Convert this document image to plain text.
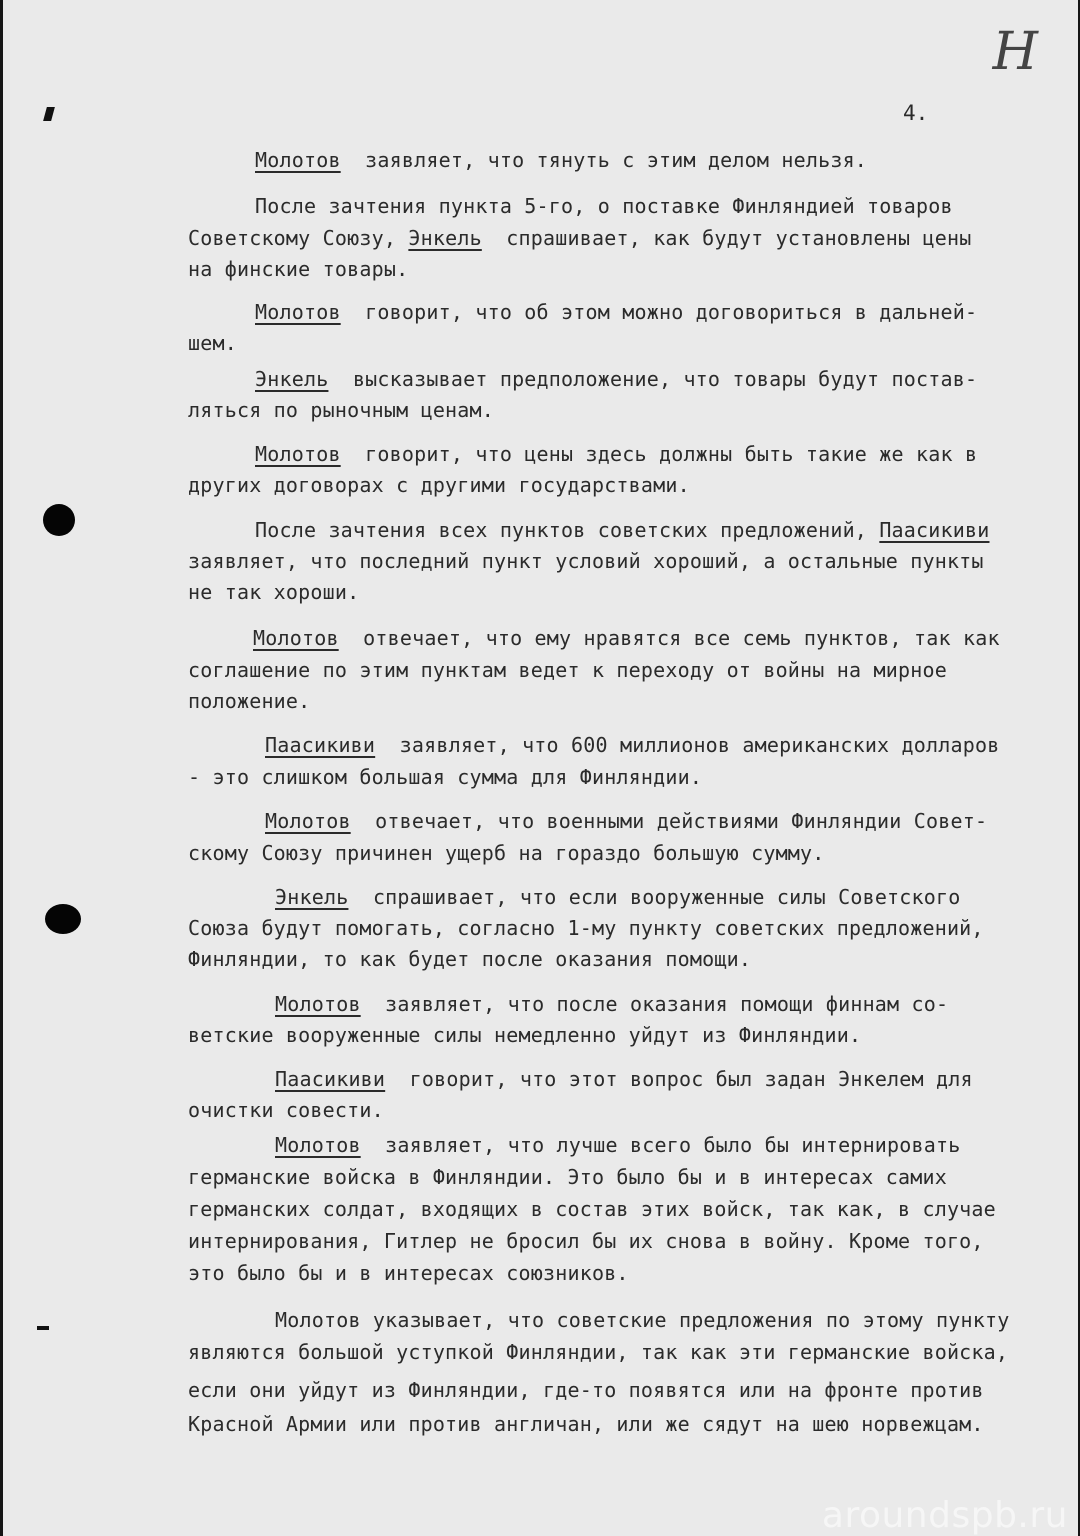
Н
4.

Молотов заявляет, что тянуть с этим делом нельзя.

После зачтения пункта 5-го, о поставке Финляндией товаров

Советскому Союзу, Энкель спрашивает, как будут установлены цены

на финские товары.

Молотов говорит, что об этом можно договориться в дальней-

шем.

Энкель высказывает предположение, что товары будут постав-

ляться по рыночным ценам.

Молотов говорит, что цены здесь должны быть такие же как в

других договорах с другими государствами.

После зачтения всех пунктов советских предложений, Паасикиви

заявляет, что последний пункт условий хороший, а остальные пункты

не так хороши.

Молотов отвечает, что ему нравятся все семь пунктов, так как

соглашение по этим пунктам ведет к переходу от войны на мирное

положение.

Паасикиви заявляет, что 600 миллионов американских долларов

- это слишком большая сумма для Финляндии.

Молотов отвечает, что военными действиями Финляндии Совет-

скому Союзу причинен ущерб на гораздо большую сумму.

Энкель спрашивает, что если вооруженные силы Советского

Союза будут помогать, согласно 1-му пункту советских предложений,

Финляндии, то как будет после оказания помощи.

Молотов заявляет, что после оказания помощи финнам со-

ветские вооруженные силы немедленно уйдут из Финляндии.

Паасикиви говорит, что этот вопрос был задан Энкелем для

очистки совести.

Молотов заявляет, что лучше всего было бы интернировать

германские войска в Финляндии. Это было бы и в интересах самих

германских солдат, входящих в состав этих войск, так как, в случае

интернирования, Гитлер не бросил бы их снова в войну. Кроме того,

это было бы и в интересах союзников.

Молотов указывает, что советские предложения по этому пункту

являются большой уступкой Финляндии, так как эти германские войска,

если они уйдут из Финляндии, где-то появятся или на фронте против

Красной Армии или против англичан, или же сядут на шею норвежцам.

aroundspb.ru
